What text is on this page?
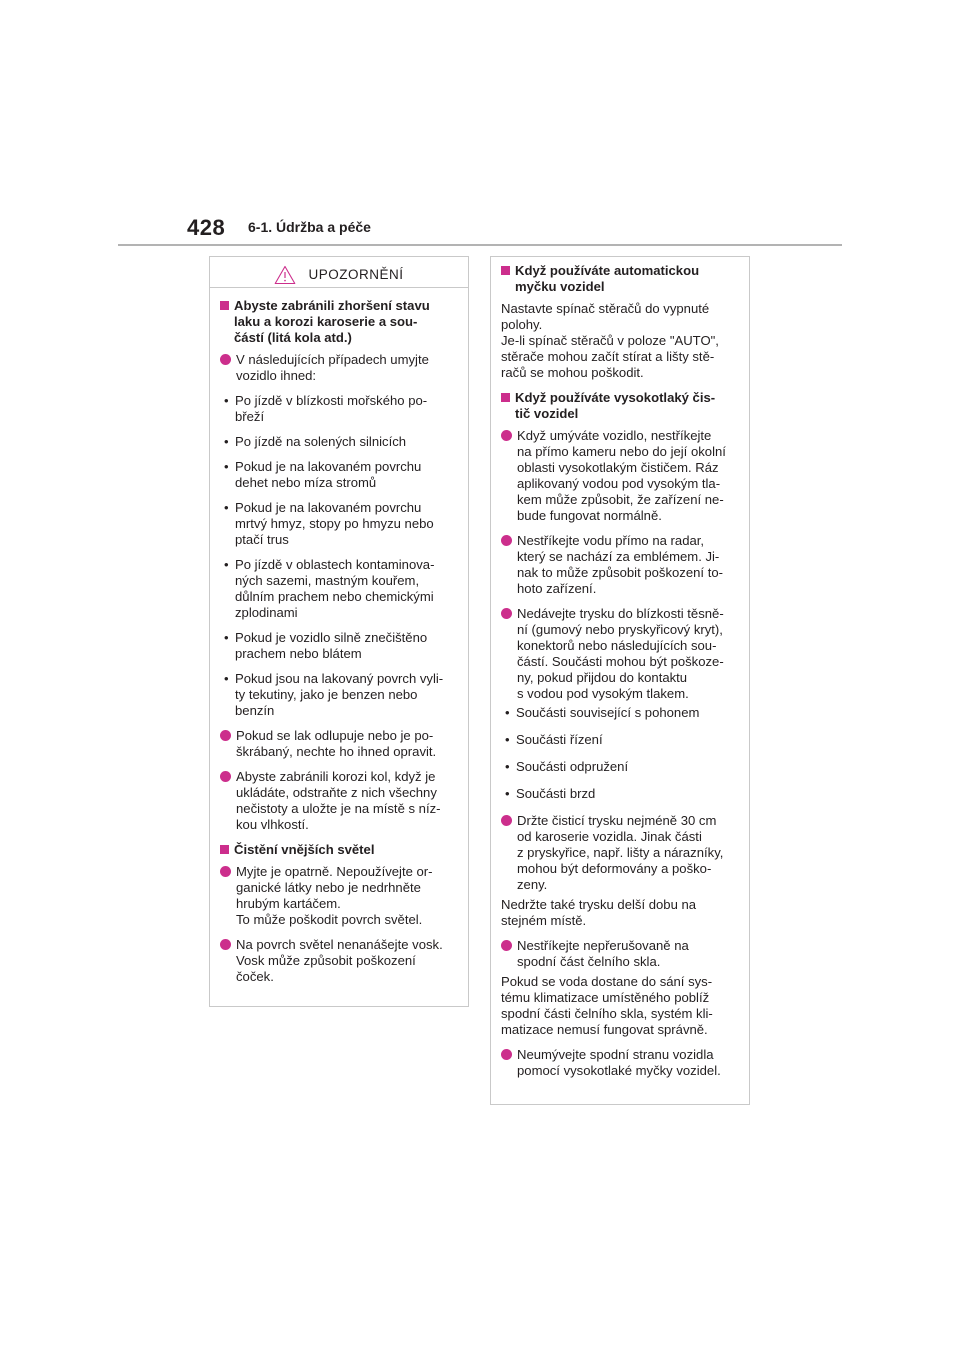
428 6-1. Údržba a péče
UPOZORNĚNÍ
Abyste zabránili zhoršení stavu
laku a korozi karoserie a sou-
částí (litá kola atd.)
V následujících případech umyjte
vozidlo ihned:
• Po jízdě v blízkosti mořského po-
břeží
• Po jízdě na solených silnicích
• Pokud je na lakovaném povrchu
dehet nebo míza stromů
• Pokud je na lakovaném povrchu
mrtvý hmyz, stopy po hmyzu nebo
ptačí trus
• Po jízdě v oblastech kontaminova-
ných sazemi, mastným kouřem,
důlním prachem nebo chemickými
zplodinami
• Pokud je vozidlo silně znečištěno
prachem nebo blátem
• Pokud jsou na lakovaný povrch vyli-
ty tekutiny, jako je benzen nebo
benzín
Pokud se lak odlupuje nebo je po-
škrábaný, nechte ho ihned opravit.
Abyste zabránili korozi kol, když je
ukládáte, odstraňte z nich všechny
nečistoty a uložte je na místě s níz-
kou vlhkostí.
Čistění vnějších světel
Myjte je opatrně. Nepoužívejte or-
ganické látky nebo je nedrhněte
hrubým kartáčem.
To může poškodit povrch světel.
Na povrch světel nenanášejte vosk.
Vosk může způsobit poškození
čoček.
Když používáte automatickou
myčku vozidel
Nastavte spínač stěračů do vypnuté
polohy.
Je-li spínač stěračů v poloze "AUTO",
stěrače mohou začít stírat a lišty stě-
račů se mohou poškodit.
Když používáte vysokotlaký čis-
tič vozidel
Když umýváte vozidlo, nestříkejte
na přímo kameru nebo do její okolní
oblasti vysokotlakým čističem. Ráz
aplikovaný vodou pod vysokým tla-
kem může způsobit, že zařízení ne-
bude fungovat normálně.
Nestříkejte vodu přímo na radar,
který se nachází za emblémem. Ji-
nak to může způsobit poškození to-
hoto zařízení.
Nedávejte trysku do blízkosti těsně-
ní (gumový nebo pryskyřicový kryt),
konektorů nebo následujících sou-
částí. Součásti mohou být poškoze-
ny, pokud přijdou do kontaktu
s vodou pod vysokým tlakem.
• Součásti související s pohonem
• Součásti řízení
• Součásti odpružení
• Součásti brzd
Držte čisticí trysku nejméně 30 cm
od karoserie vozidla. Jinak části
z pryskyřice, např. lišty a nárazníky,
mohou být deformovány a poško-
zeny.
Nedržte také trysku delší dobu na
stejném místě.
Nestříkejte nepřerušovaně na
spodní část čelního skla.
Pokud se voda dostane do sání sys-
tému klimatizace umístěného poblíž
spodní části čelního skla, systém kli-
matizace nemusí fungovat správně.
Neumývejte spodní stranu vozidla
pomocí vysokotlaké myčky vozidel.
